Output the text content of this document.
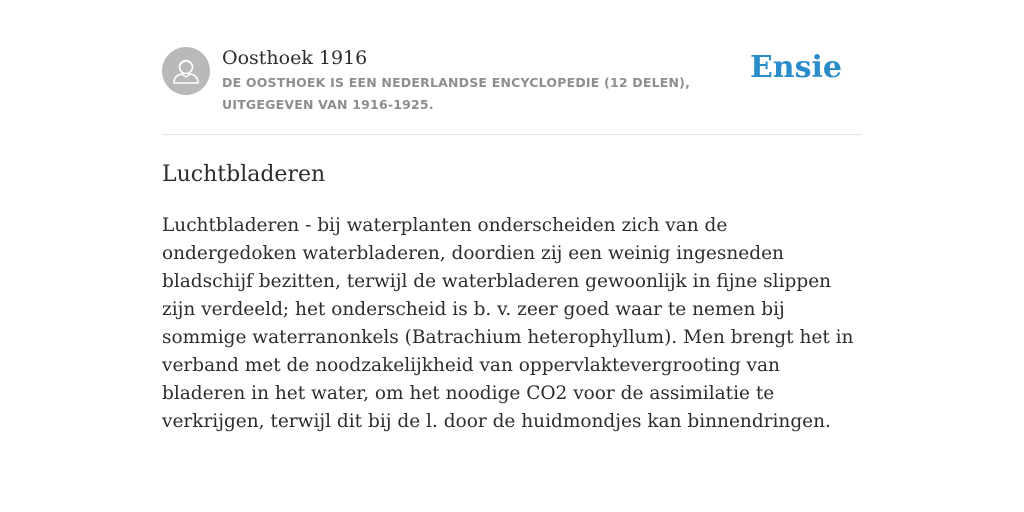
Oosthoek 1916

DE OOSTHOEK IS EEN NEDERLANDSE ENCYCLOPEDIE (12 DELEN), UITGEGEVEN VAN 1916-1925.

Ensie
Luchtbladeren

Luchtbladeren - bij waterplanten onderscheiden zich van de ondergedoken waterbladeren, doordien zij een weinig ingesneden bladschijf bezitten, terwijl de waterbladeren gewoonlijk in fijne slippen zijn verdeeld; het onderscheid is b. v. zeer goed waar te nemen bij sommige waterranonkels (Batrachium heterophyllum). Men brengt het in verband met de noodzakelijkheid van oppervlaktevergrooting van bladeren in het water, om het noodige CO2 voor de assimilatie te verkrijgen, terwijl dit bij de l. door de huidmondjes kan binnendringen.
